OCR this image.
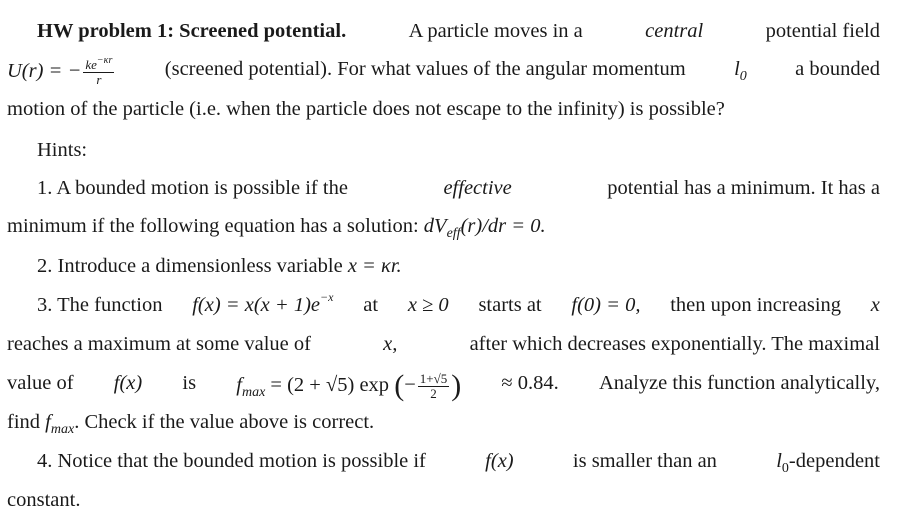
HW problem 1: Screened potential.	A particle moves in a	central	potential field
U(r) = − $\frac{ke^{-\kappa r}}{r}$ (screened potential). For what values of the angular momentum $l_0$ a bounded
motion of the particle (i.e. when the particle does not escape to the infinity) is possible?
Hints:
1. A bounded motion is possible if the	effective	potential has a minimum. It has a
minimum if the following equation has a solution: $dV_{eff}(r)/dr = 0$.
2. Introduce a dimensionless variable x = κr.
3. The function $f(x) = x(x + 1)e^{-x}$ at x ≥ 0 starts at f(0) = 0, then upon increasing x
reaches a maximum at some value of	x,	after which decreases exponentially. The maximal
value of f(x) is $f_{max} = (2 + √5)$ exp (− $\frac{1+√5}{2}$ ) ≈ 0.84. Analyze this function analytically,
find $f_{max}$. Check if the value above is correct.
4. Notice that the bounded motion is possible if	f(x)	is smaller than an	$l_0$-dependent
constant.
